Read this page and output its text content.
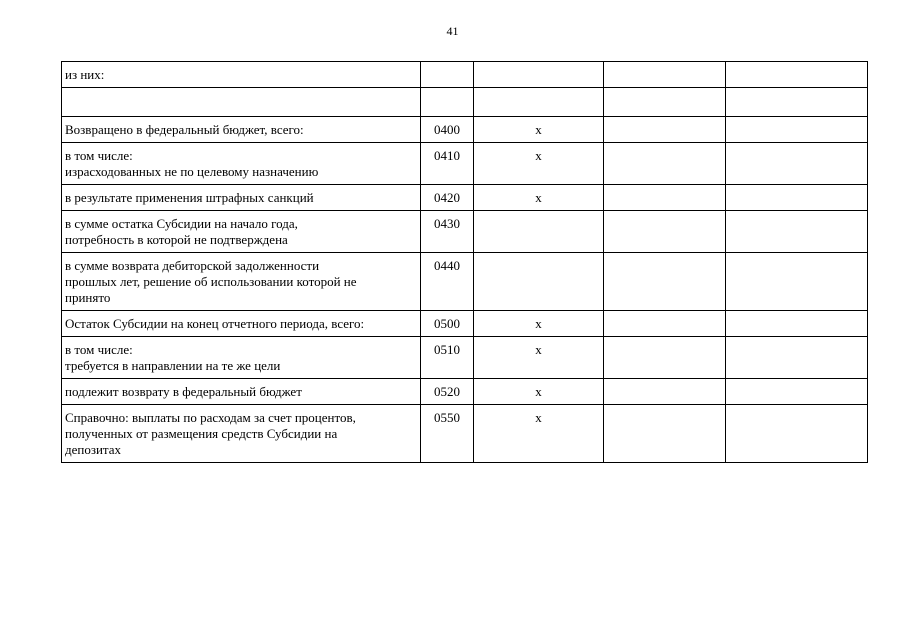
41
из них:				

Возвращено в федеральный бюджет, всего:	0400	x		
в том числе:
израсходованных не по целевому назначению	0410	x		
в результате применения штрафных санкций	0420	x		
в сумме остатка Субсидии на начало года,
потребность в которой не подтверждена	0430			
в сумме возврата дебиторской задолженности
прошлых лет, решение об использовании которой не
принято	0440			
Остаток Субсидии на конец отчетного периода, всего:	0500	x		
в том числе:
требуется в направлении на те же цели	0510	x		
подлежит возврату в федеральный бюджет	0520	x		
Справочно: выплаты по расходам за счет процентов,
полученных от размещения средств Субсидии на
депозитах	0550	x		
